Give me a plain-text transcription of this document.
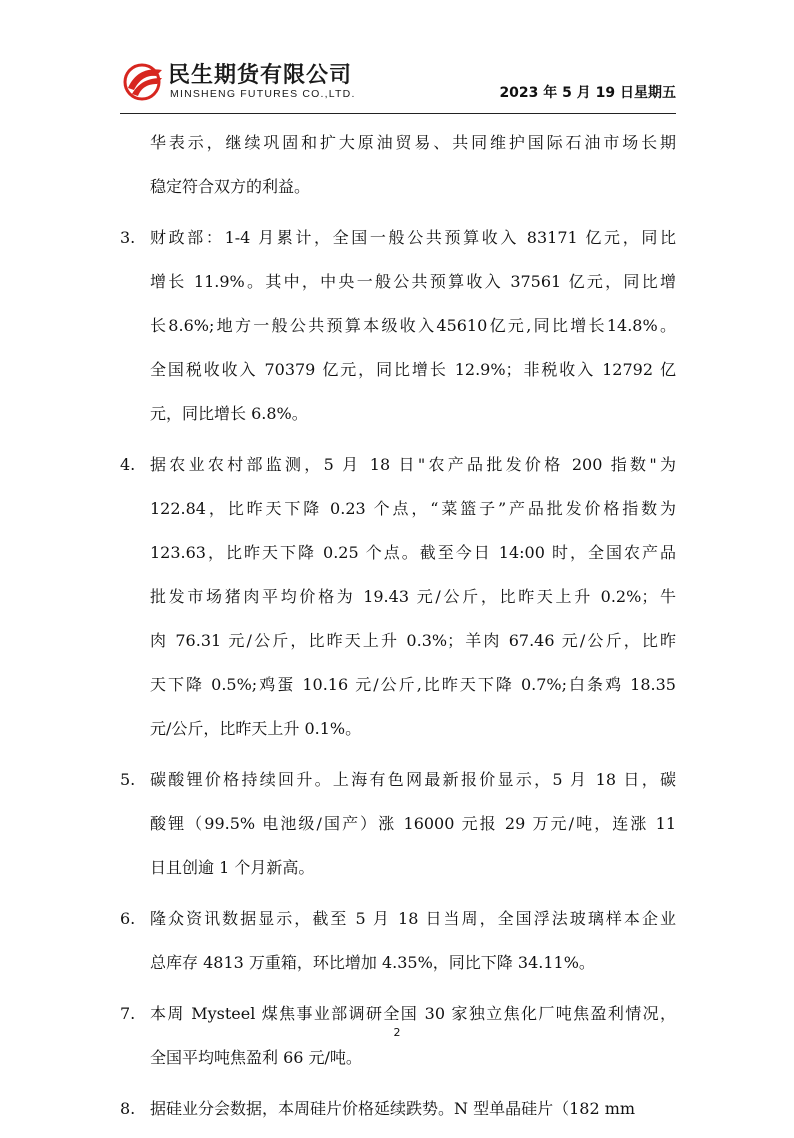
民生期货有限公司
MINSHENG FUTURES CO.,LTD.	2023 年 5 月 19 日星期五
华表示，继续巩固和扩大原油贸易、共同维护国际石油市场长期
稳定符合双方的利益。
3. 财政部：1-4 月累计，全国一般公共预算收入 83171 亿元，同比
增长 11.9%。其中，中央一般公共预算收入 37561 亿元，同比增
长8.6%;地方一般公共预算本级收入45610亿元,同比增长14.8%。
全国税收收入 70379 亿元，同比增长 12.9%；非税收入 12792 亿
元，同比增长 6.8%。
4. 据农业农村部监测，5 月 18 日"农产品批发价格 200 指数"为
122.84，比昨天下降 0.23 个点，“菜篮子”产品批发价格指数为
123.63，比昨天下降 0.25 个点。截至今日 14:00 时，全国农产品
批发市场猪肉平均价格为 19.43 元/公斤，比昨天上升 0.2%；牛
肉 76.31 元/公斤，比昨天上升 0.3%；羊肉 67.46 元/公斤，比昨
天下降 0.5%;鸡蛋 10.16 元/公斤,比昨天下降 0.7%;白条鸡 18.35
元/公斤，比昨天上升 0.1%。
5. 碳酸锂价格持续回升。上海有色网最新报价显示，5 月 18 日，碳
酸锂（99.5% 电池级/国产）涨 16000 元报 29 万元/吨，连涨 11
日且创逾 1 个月新高。
6. 隆众资讯数据显示，截至 5 月 18 日当周，全国浮法玻璃样本企业
总库存 4813 万重箱，环比增加 4.35%，同比下降 34.11%。
7. 本周 Mysteel 煤焦事业部调研全国 30 家独立焦化厂吨焦盈利情况，
全国平均吨焦盈利 66 元/吨。
8. 据硅业分会数据，本周硅片价格延续跌势。N 型单晶硅片（182 mm
2
